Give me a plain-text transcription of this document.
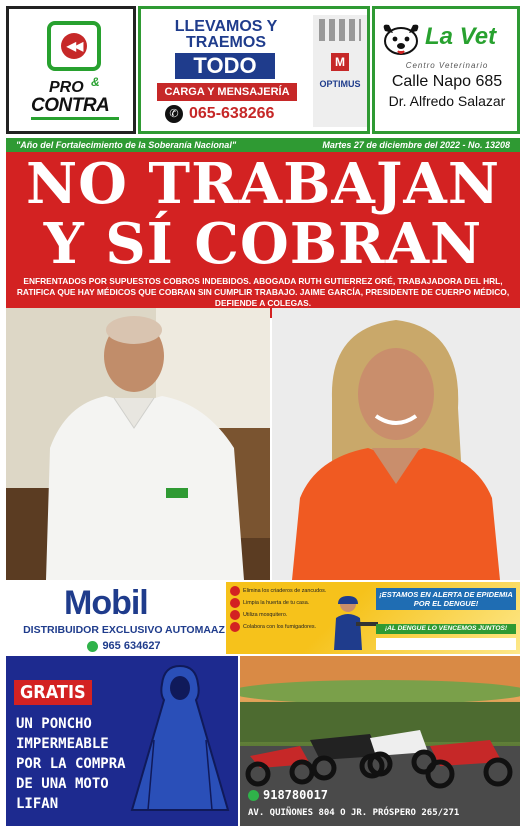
◀◀
PRO &
CONTRA
LLEVAMOS Y
TRAEMOS
TODO
CARGA Y MENSAJERÍA
✆ 065-638266
M
OPTIMUS
La Vet
Centro Veterinario
Calle Napo 685
Dr. Alfredo Salazar
"Año del Fortalecimiento de la Soberanía Nacional"	Martes 27 de diciembre del 2022 - No. 13208
NO TRABAJAN
Y SÍ COBRAN
ENFRENTADOS POR SUPUESTOS COBROS INDEBIDOS. ABOGADA RUTH GUTIERREZ ORÉ, TRABAJADORA DEL HRL, RATIFICA QUE HAY MÉDICOS QUE COBRAN SIN CUMPLIR TRABAJO. JAIME GARCÍA, PRESIDENTE DE CUERPO MÉDICO, DEFIENDE A COLEGAS.
Mobil
DISTRIBUIDOR EXCLUSIVO AUTOMAAZ
965 634627
Elimina los criaderos de zancudos.
Limpia la huerta de tu casa.
Utiliza mosquitero.
Colabora con los fumigadores.
¡ESTAMOS EN ALERTA DE EPIDEMIA POR EL DENGUE!
¡AL DENGUE LO VENCEMOS JUNTOS!
GRATIS
UN PONCHO IMPERMEABLE POR LA COMPRA DE UNA MOTO LIFAN
918780017
AV. QUIÑONES 804 O JR. PRÓSPERO 265/271
